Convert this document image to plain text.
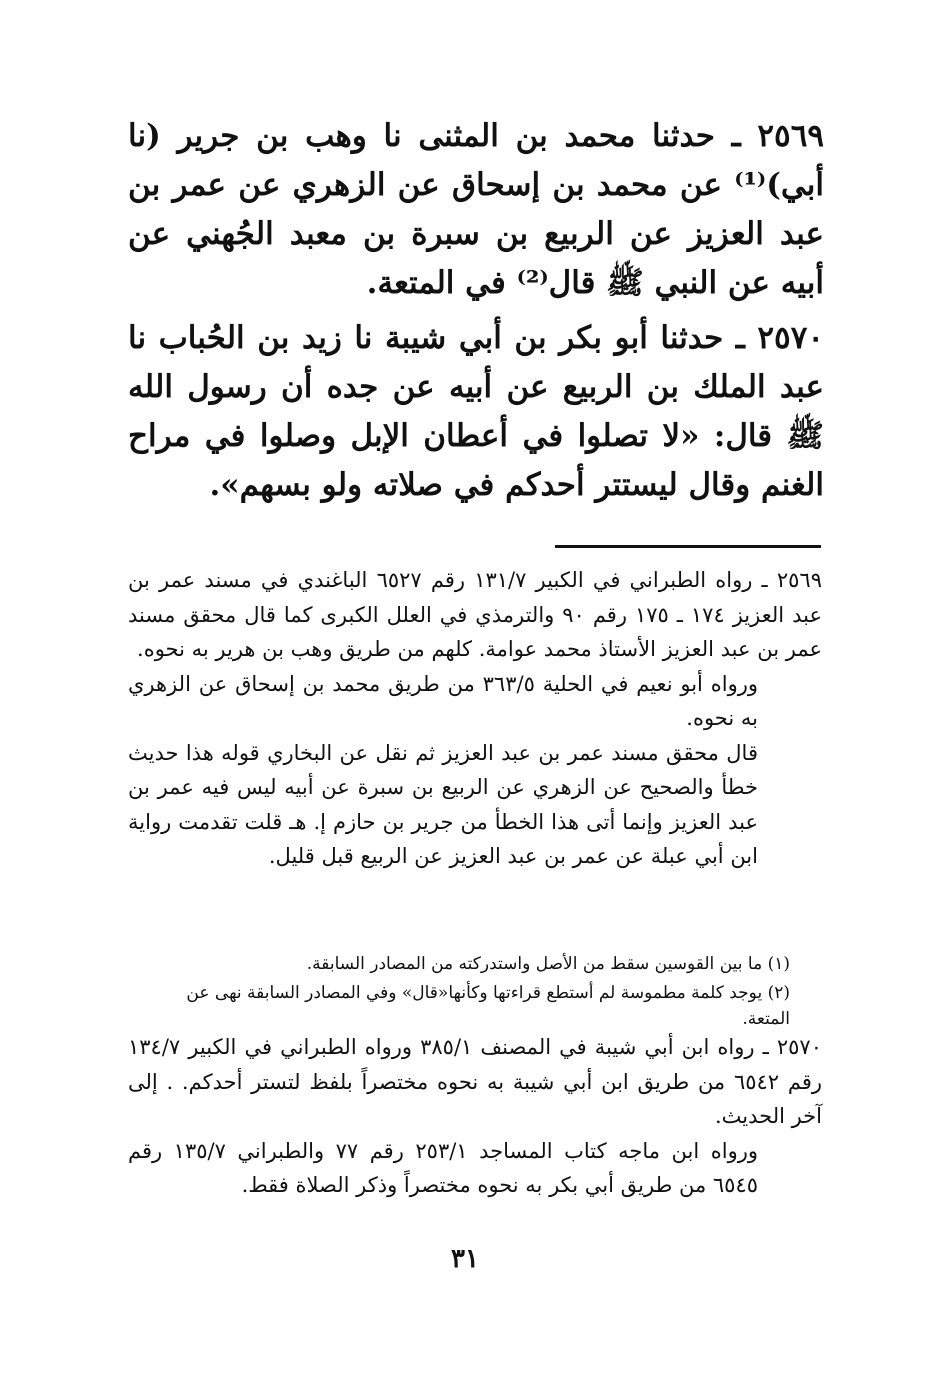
٢٥٦٩ ـ حدثنا محمد بن المثنى نا وهب بن جرير (نا أبي)⁽¹⁾ عن محمد بن إسحاق عن الزهري عن عمر بن عبد العزيز عن الربيع بن سبرة بن معبد الجُهني عن أبيه عن النبي ﷺ قال⁽²⁾ في المتعة.

٢٥٧٠ ـ حدثنا أبو بكر بن أبي شيبة نا زيد بن الحُباب نا عبد الملك بن الربيع عن أبيه عن جده أن رسول الله ﷺ قال: «لا تصلوا في أعطان الإبل وصلوا في مراح الغنم وقال ليستتر أحدكم في صلاته ولو بسهم».

٢٥٦٩ ـ رواه الطبراني في الكبير ١٣١/٧ رقم ٦٥٢٧ الباغندي في مسند عمر بن عبد العزيز ١٧٤ ـ ١٧٥ رقم ٩٠ والترمذي في العلل الكبرى كما قال محقق مسند عمر بن عبد العزيز الأستاذ محمد عوامة. كلهم من طريق وهب بن هرير به نحوه.

ورواه أبو نعيم في الحلية ٣٦٣/٥ من طريق محمد بن إسحاق عن الزهري به نحوه.

قال محقق مسند عمر بن عبد العزيز ثم نقل عن البخاري قوله هذا حديث خطأ والصحيح عن الزهري عن الربيع بن سبرة عن أبيه ليس فيه عمر بن عبد العزيز وإنما أتى هذا الخطأ من جرير بن حازم إ. هـ قلت تقدمت رواية ابن أبي عبلة عن عمر بن عبد العزيز عن الربيع قبل قليل.

(١) ما بين القوسين سقط من الأصل واستدركته من المصادر السابقة.
(٢) يوجد كلمة مطموسة لم أستطع قراءتها وكأنها«قال» وفي المصادر السابقة نهى عن المتعة.

٢٥٧٠ ـ رواه ابن أبي شيبة في المصنف ٣٨٥/١ ورواه الطبراني في الكبير ١٣٤/٧ رقم ٦٥٤٢ من طريق ابن أبي شيبة به نحوه مختصراً بلفظ لتستر أحدكم. . إلى آخر الحديث.

ورواه ابن ماجه كتاب المساجد ٢٥٣/١ رقم ٧٧ والطبراني ١٣٥/٧ رقم ٦٥٤٥ من طريق أبي بكر به نحوه مختصراً وذكر الصلاة فقط.

٣١
